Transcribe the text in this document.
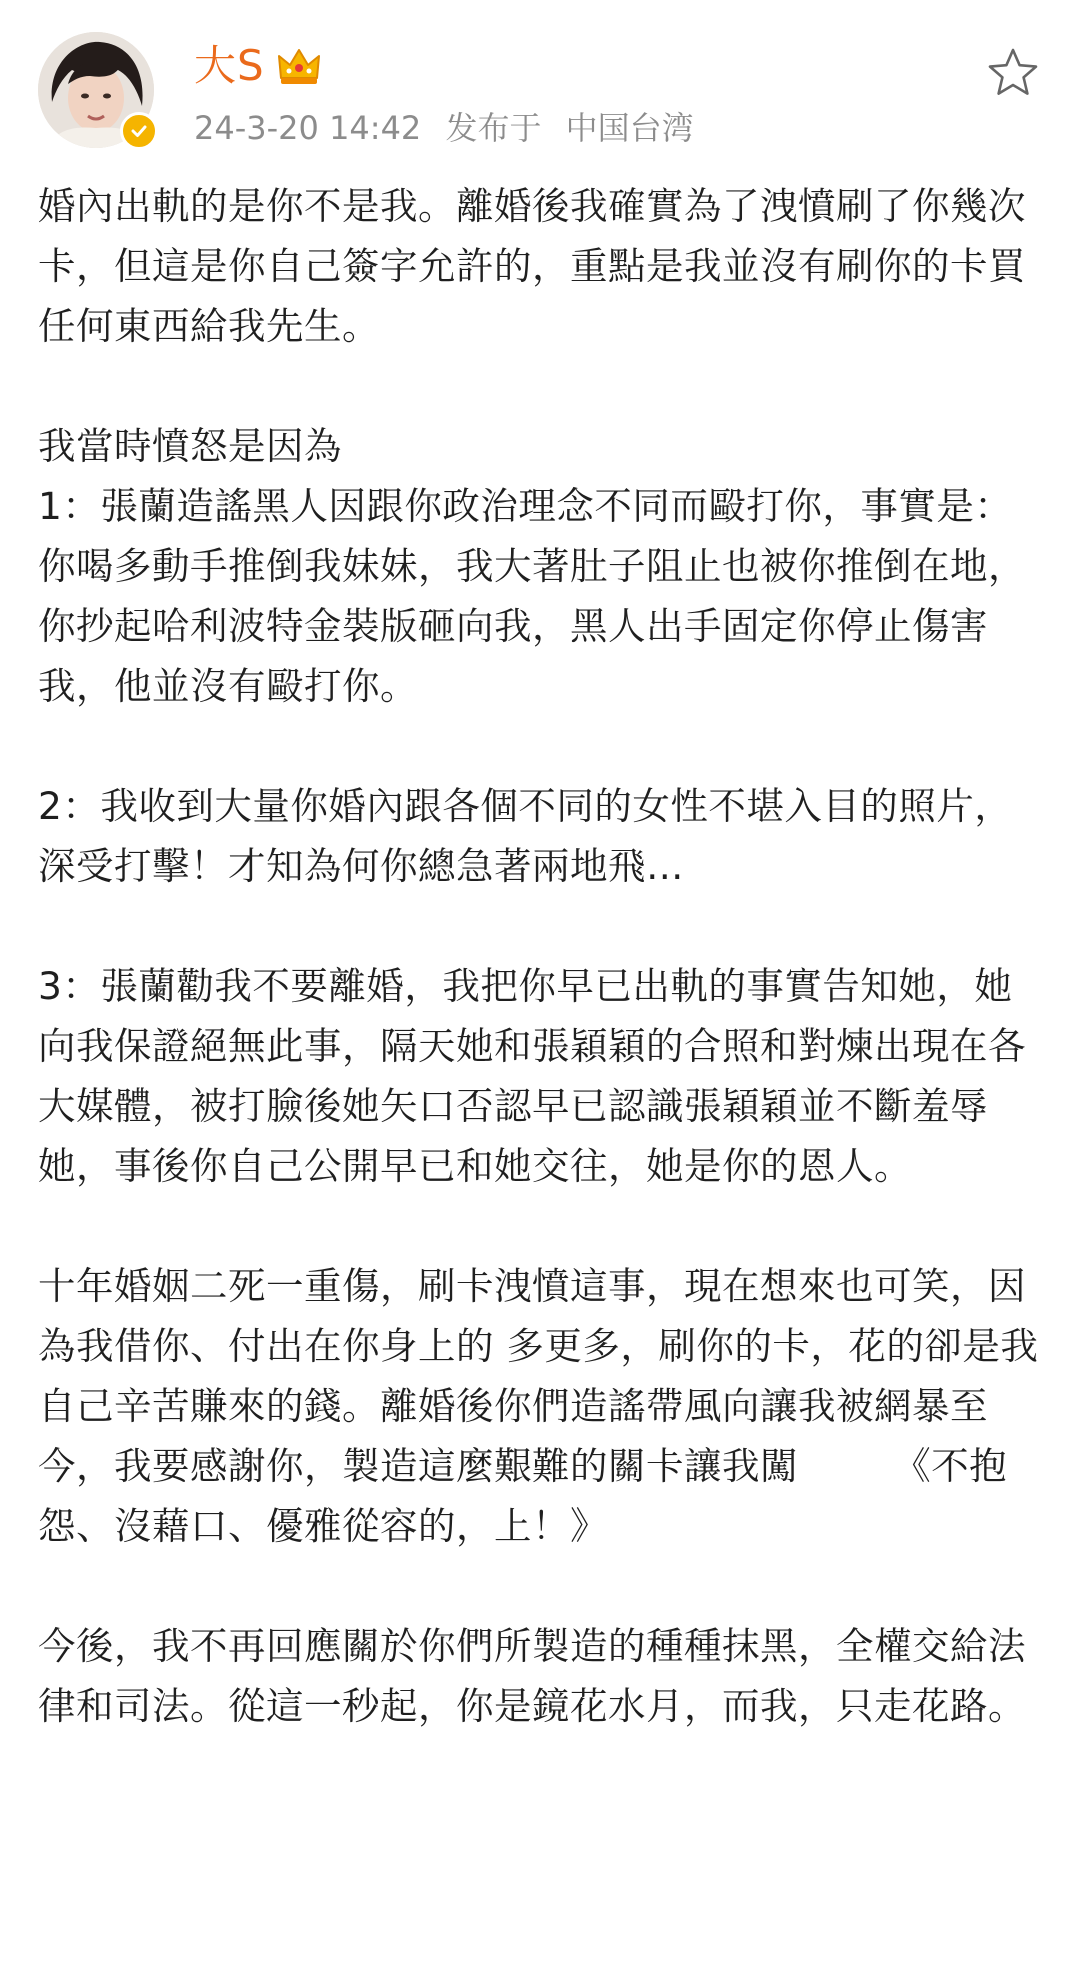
大S
24-3-20 14:42 发布于 中国台湾

婚內出軌的是你不是我。離婚後我確實為了洩憤刷了你幾次卡，但這是你自己簽字允許的，重點是我並沒有刷你的卡買任何東西給我先生。

我當時憤怒是因為
1：張蘭造謠黑人因跟你政治理念不同而毆打你，事實是：你喝多動手推倒我妹妹，我大著肚子阻止也被你推倒在地，你抄起哈利波特金裝版砸向我，黑人出手固定你停止傷害我，他並沒有毆打你。

2：我收到大量你婚內跟各個不同的女性不堪入目的照片，深受打擊！才知為何你總急著兩地飛…

3：張蘭勸我不要離婚，我把你早已出軌的事實告知她，她向我保證絕無此事，隔天她和張穎穎的合照和對煉出現在各大媒體，被打臉後她矢口否認早已認識張穎穎並不斷羞辱她，事後你自己公開早已和她交往，她是你的恩人。

十年婚姻二死一重傷，刷卡洩憤這事，現在想來也可笑，因為我借你、付出在你身上的 多更多，刷你的卡，花的卻是我自己辛苦賺來的錢。離婚後你們造謠帶風向讓我被網暴至今，我要感謝你，製造這麼艱難的關卡讓我闖　　　《不抱怨、沒藉口、優雅從容的，上！》

今後，我不再回應關於你們所製造的種種抹黑，全權交給法律和司法。從這一秒起，你是鏡花水月，而我，只走花路。
